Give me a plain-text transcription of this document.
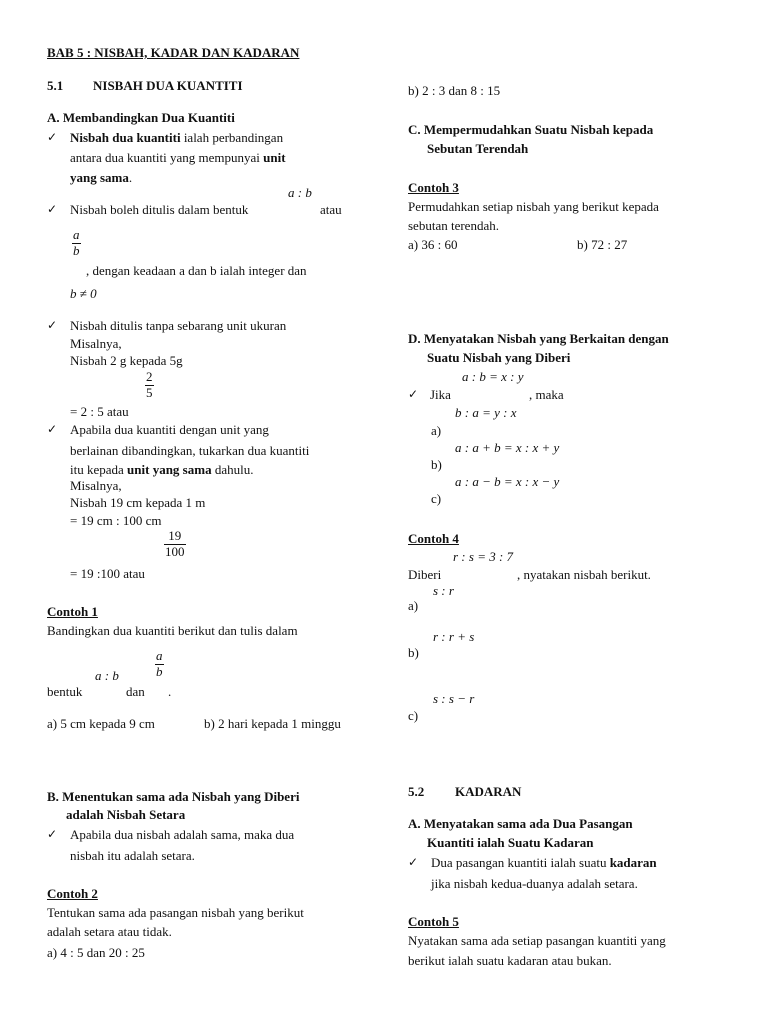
BAB 5 : NISBAH, KADAR DAN KADARAN
5.1 NISBAH DUA KUANTITI
A. Membandingkan Dua Kuantiti
✓ Nisbah dua kuantiti ialah perbandingan
antara dua kuantiti yang mempunyai unit
yang sama.
a : b
✓ Nisbah boleh ditulis dalam bentuk	atau
a
b
, dengan keadaan a dan b ialah integer dan
b ≠ 0
✓ Nisbah ditulis tanpa sebarang unit ukuran
Misalnya,
Nisbah 2 g kepada 5g
2
5
= 2 : 5 atau
✓ Apabila dua kuantiti dengan unit yang
berlainan dibandingkan, tukarkan dua kuantiti
itu kepada unit yang sama dahulu.
Misalnya,
Nisbah 19 cm kepada 1 m
= 19 cm : 100 cm
19
100
= 19 :100 atau
Contoh 1
Bandingkan dua kuantiti berikut dan tulis dalam
a
b
a : b
bentuk	dan .
a) 5 cm kepada 9 cm	b) 2 hari kepada 1 minggu
B. Menentukan sama ada Nisbah yang Diberi
adalah Nisbah Setara
✓ Apabila dua nisbah adalah sama, maka dua
nisbah itu adalah setara.
Contoh 2
Tentukan sama ada pasangan nisbah yang berikut
adalah setara atau tidak.
a) 4 : 5 dan 20 : 25
b) 2 : 3 dan 8 : 15
C. Mempermudahkan Suatu Nisbah kepada
Sebutan Terendah
Contoh 3
Permudahkan setiap nisbah yang berikut kepada
sebutan terendah.
a) 36 : 60	b) 72 : 27
D. Menyatakan Nisbah yang Berkaitan dengan
Suatu Nisbah yang Diberi
a : b = x : y
✓ Jika	, maka
b : a = y : x
a)
a : a + b = x : x + y
b)
a : a − b = x : x − y
c)
Contoh 4
r : s = 3 : 7
Diberi	, nyatakan nisbah berikut.
s : r
a)
r : r + s
b)
s : s − r
c)
5.2 KADARAN
A. Menyatakan sama ada Dua Pasangan
Kuantiti ialah Suatu Kadaran
✓ Dua pasangan kuantiti ialah suatu kadaran
jika nisbah kedua-duanya adalah setara.
Contoh 5
Nyatakan sama ada setiap pasangan kuantiti yang
berikut ialah suatu kadaran atau bukan.
